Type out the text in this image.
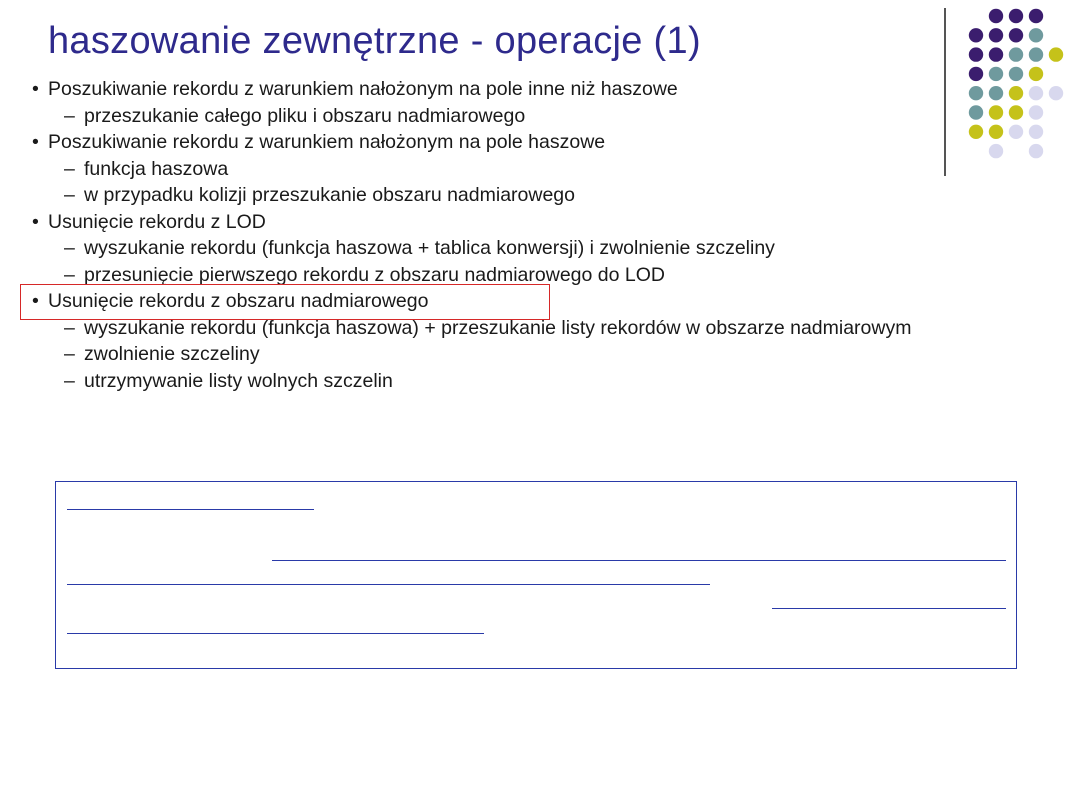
haszowanie zewnętrzne - operacje (1)
• Poszukiwanie rekordu z warunkiem nałożonym na pole inne niż haszowe
– przeszukanie całego pliku i obszaru nadmiarowego
• Poszukiwanie rekordu z warunkiem nałożonym na pole haszowe
– funkcja haszowa
– w przypadku kolizji przeszukanie obszaru nadmiarowego
• Usunięcie rekordu z LOD
– wyszukanie rekordu (funkcja haszowa + tablica konwersji) i zwolnienie szczeliny
– przesunięcie pierwszego rekordu z obszaru nadmiarowego do LOD
• Usunięcie rekordu z obszaru nadmiarowego
– wyszukanie rekordu (funkcja haszowa) + przeszukanie listy rekordów w obszarze nadmiarowym
– zwolnienie szczeliny
– utrzymywanie listy wolnych szczelin
